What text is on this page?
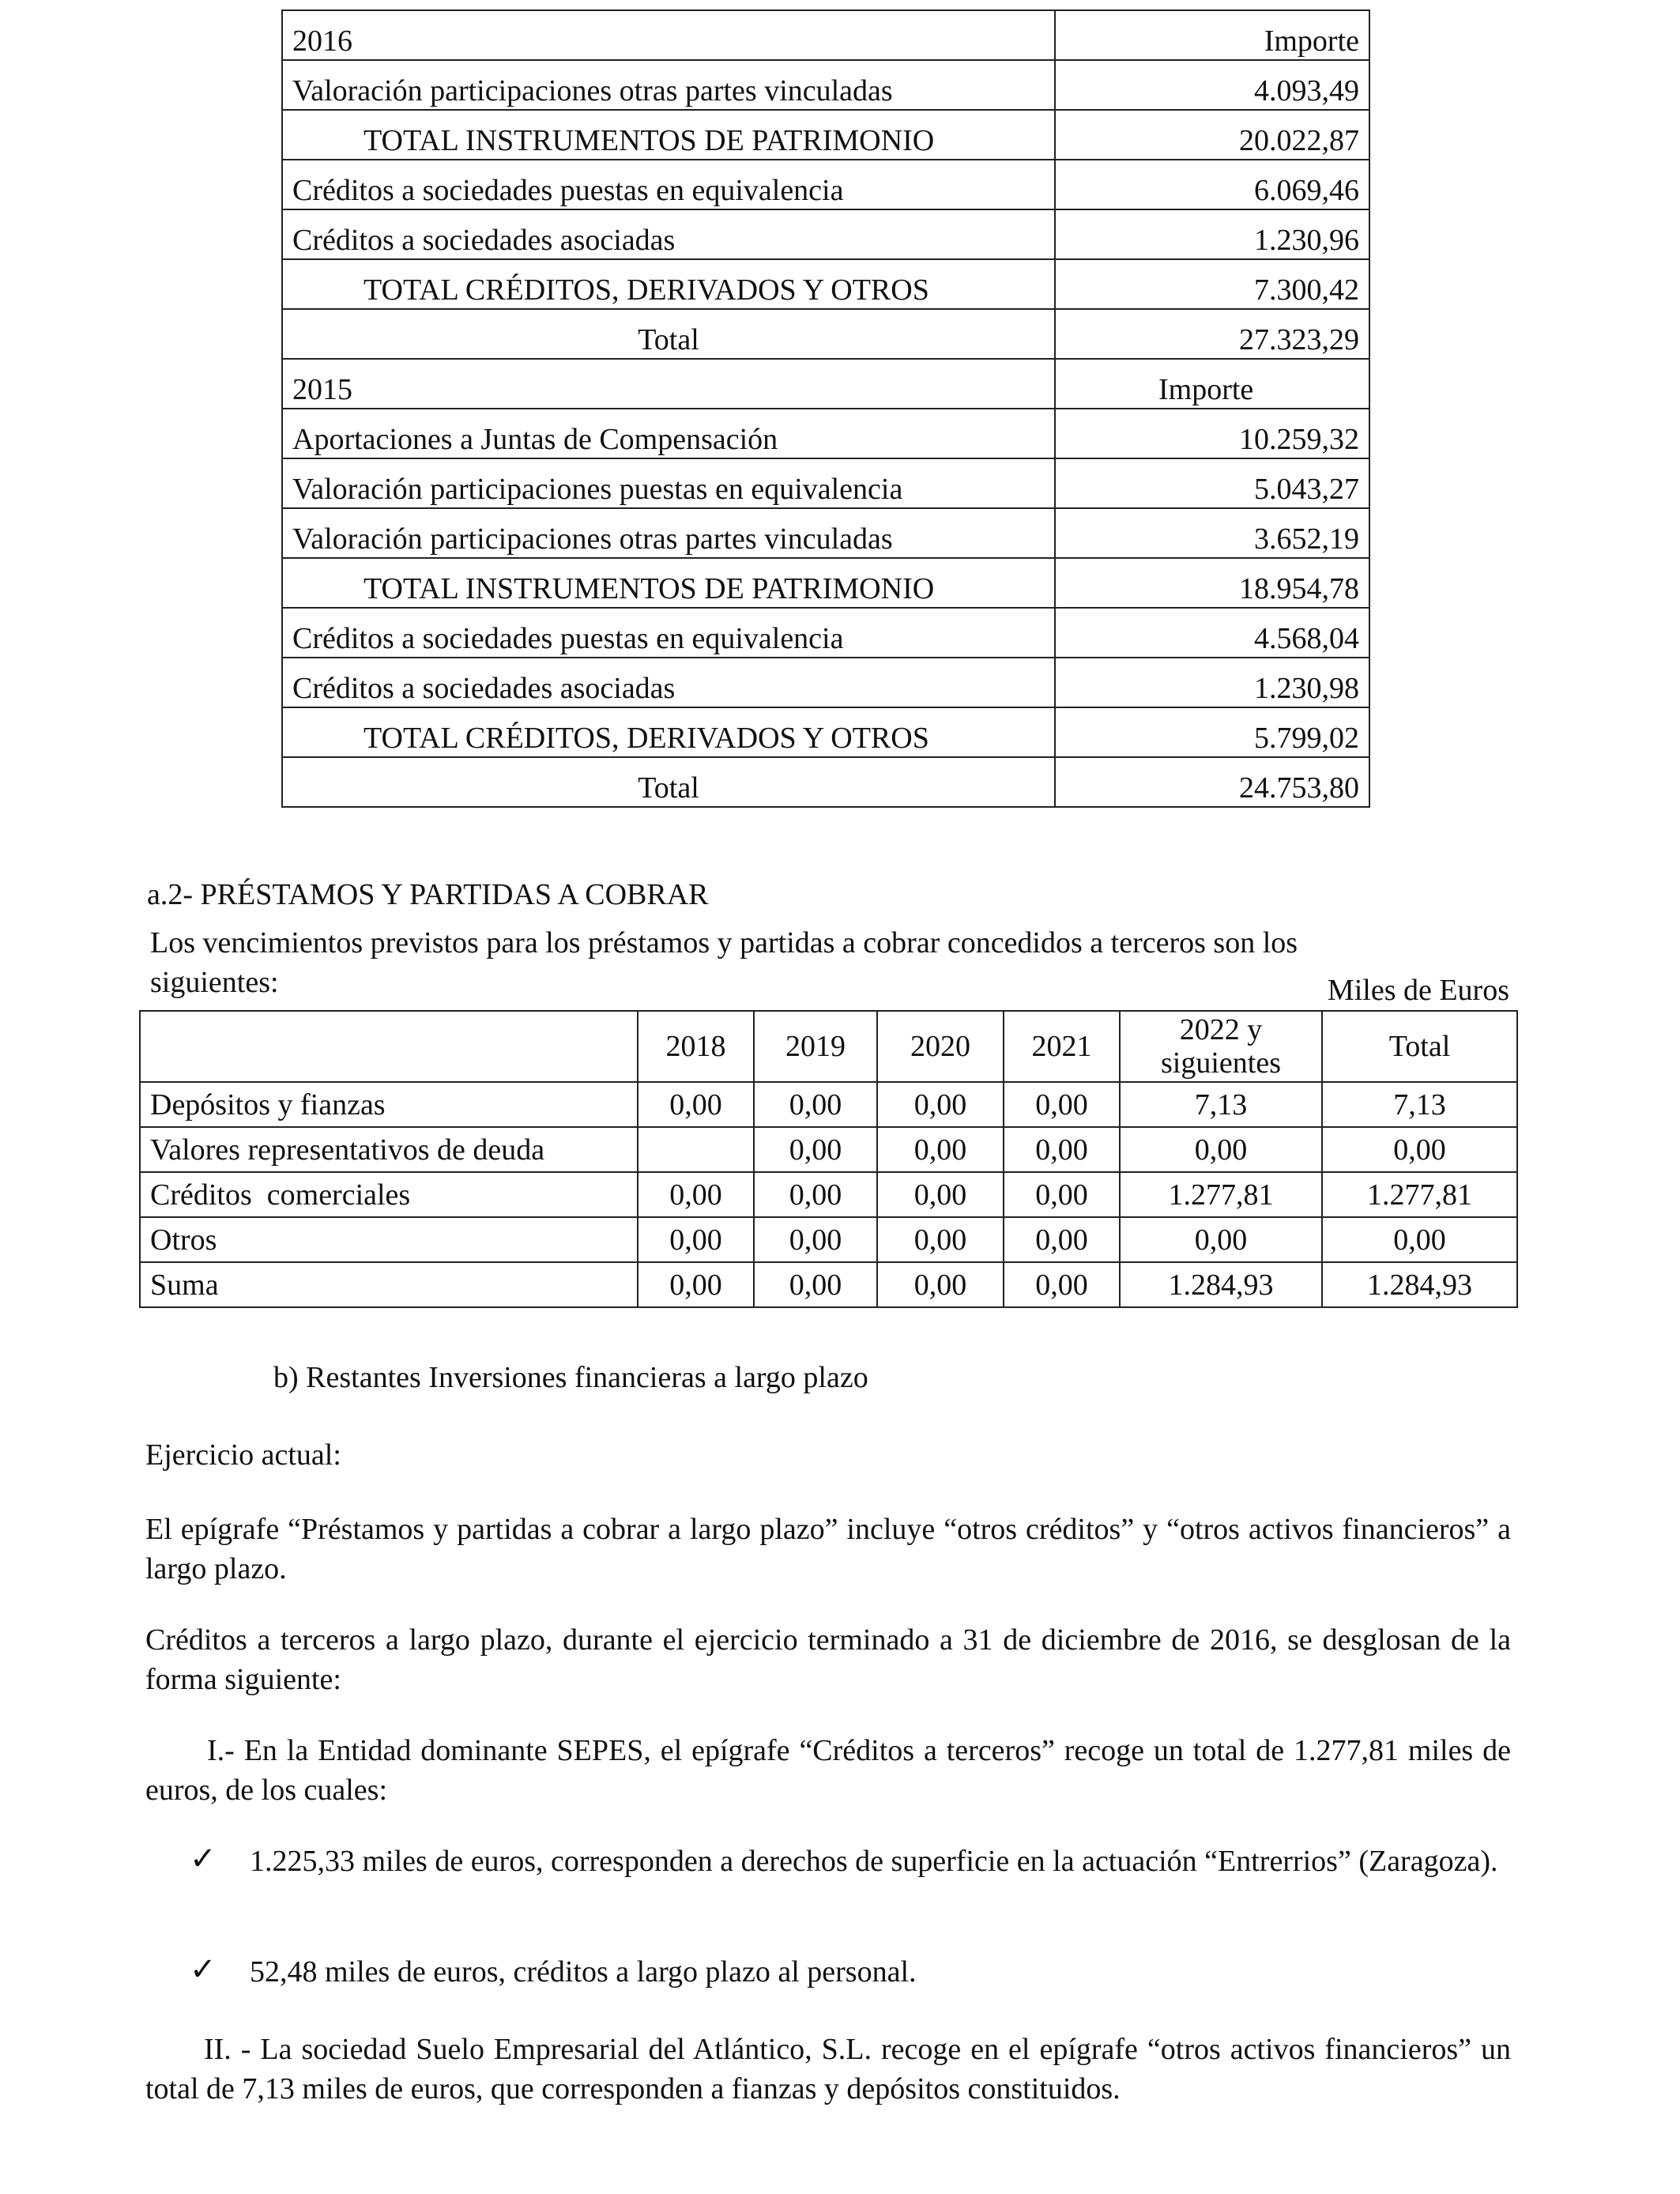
2016	Importe
Valoración participaciones otras partes vinculadas	4.093,49
TOTAL INSTRUMENTOS DE PATRIMONIO	20.022,87
Créditos a sociedades puestas en equivalencia	6.069,46
Créditos a sociedades asociadas	1.230,96
TOTAL CRÉDITOS, DERIVADOS Y OTROS	7.300,42
Total	27.323,29
2015	Importe
Aportaciones a Juntas de Compensación	10.259,32
Valoración participaciones puestas en equivalencia	5.043,27
Valoración participaciones otras partes vinculadas	3.652,19
TOTAL INSTRUMENTOS DE PATRIMONIO	18.954,78
Créditos a sociedades puestas en equivalencia	4.568,04
Créditos a sociedades asociadas	1.230,98
TOTAL CRÉDITOS, DERIVADOS Y OTROS	5.799,02
Total	24.753,80

a.2- PRÉSTAMOS Y PARTIDAS A COBRAR

Los vencimientos previstos para los préstamos y partidas a cobrar concedidos a terceros son los siguientes:	Miles de Euros

	2018	2019	2020	2021	2022 y siguientes	Total
Depósitos y fianzas	0,00	0,00	0,00	0,00	7,13	7,13
Valores representativos de deuda		0,00	0,00	0,00	0,00	0,00
Créditos  comerciales	0,00	0,00	0,00	0,00	1.277,81	1.277,81
Otros	0,00	0,00	0,00	0,00	0,00	0,00
Suma	0,00	0,00	0,00	0,00	1.284,93	1.284,93

b) Restantes Inversiones financieras a largo plazo

Ejercicio actual:

El epígrafe “Préstamos y partidas a cobrar a largo plazo” incluye “otros créditos” y “otros activos financieros” a largo plazo.

Créditos a terceros a largo plazo, durante el ejercicio terminado a 31 de diciembre de 2016, se desglosan de la forma siguiente:

I.- En la Entidad dominante SEPES, el epígrafe “Créditos a terceros” recoge un total de 1.277,81 miles de euros, de los cuales:

✓ 1.225,33 miles de euros, corresponden a derechos de superficie en la actuación “Entrerrios” (Zaragoza).

✓ 52,48 miles de euros, créditos a largo plazo al personal.

II. - La sociedad Suelo Empresarial del Atlántico, S.L. recoge en el epígrafe “otros activos financieros” un total de 7,13 miles de euros, que corresponden a fianzas y depósitos constituidos.
